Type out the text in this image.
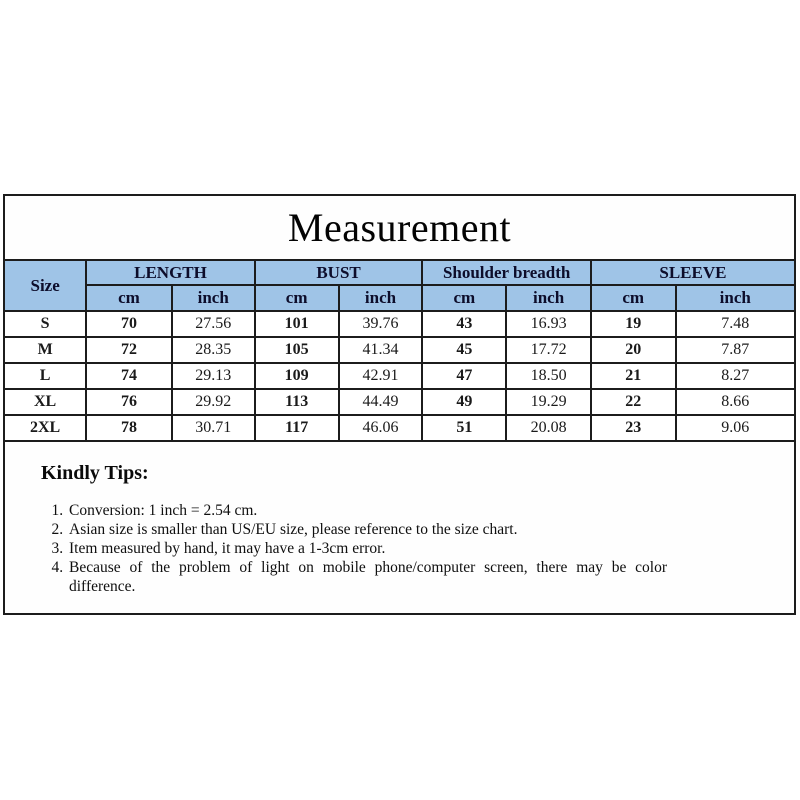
Measurement
Size	LENGTH		BUST		Shoulder breadth		SLEEVE	
	cm	inch	cm	inch	cm	inch	cm	inch
S	70	27.56	101	39.76	43	16.93	19	7.48
M	72	28.35	105	41.34	45	17.72	20	7.87
L	74	29.13	109	42.91	47	18.50	21	8.27
XL	76	29.92	113	44.49	49	19.29	22	8.66
2XL	78	30.71	117	46.06	51	20.08	23	9.06
Kindly Tips:
1. Conversion: 1 inch = 2.54 cm.
2. Asian size is smaller than US/EU size, please reference to the size chart.
3. Item measured by hand, it may have a 1-3cm error.
4. Because of the problem of light on mobile phone/computer screen, there may be color difference.
